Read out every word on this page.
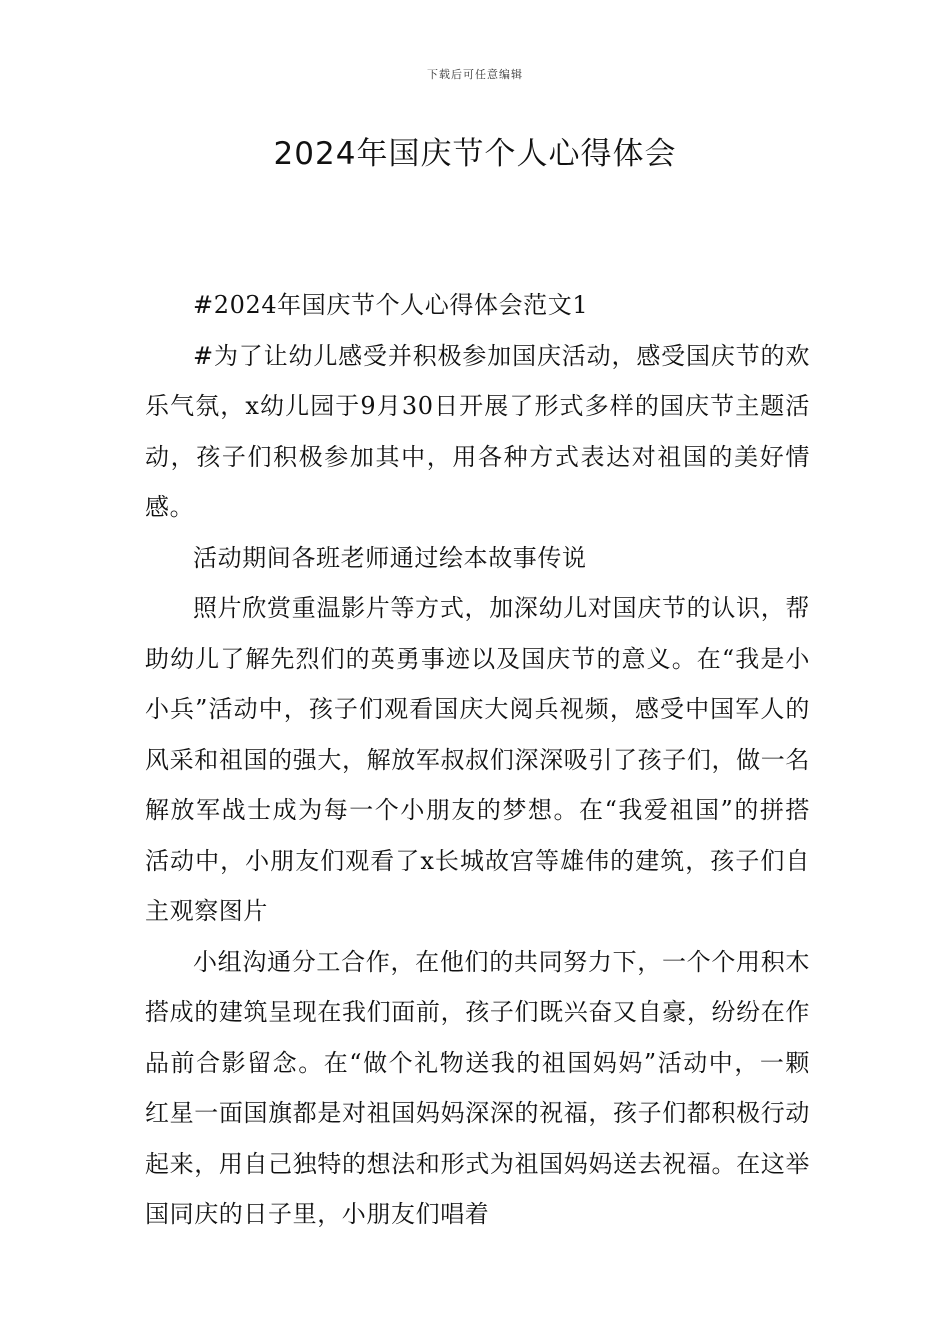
下载后可任意编辑
2024年国庆节个人心得体会

#2024年国庆节个人心得体会范文1

#为了让幼儿感受并积极参加国庆活动，感受国庆节的欢乐气氛，x幼儿园于9月30日开展了形式多样的国庆节主题活动，孩子们积极参加其中，用各种方式表达对祖国的美好情感。

活动期间各班老师通过绘本故事传说

照片欣赏重温影片等方式，加深幼儿对国庆节的认识，帮助幼儿了解先烈们的英勇事迹以及国庆节的意义。在“我是小小兵”活动中，孩子们观看国庆大阅兵视频，感受中国军人的风采和祖国的强大，解放军叔叔们深深吸引了孩子们，做一名解放军战士成为每一个小朋友的梦想。在“我爱祖国”的拼搭活动中，小朋友们观看了x长城故宫等雄伟的建筑，孩子们自主观察图片

小组沟通分工合作，在他们的共同努力下，一个个用积木搭成的建筑呈现在我们面前，孩子们既兴奋又自豪，纷纷在作品前合影留念。在“做个礼物送我的祖国妈妈”活动中，一颗红星一面国旗都是对祖国妈妈深深的祝福，孩子们都积极行动起来，用自己独特的想法和形式为祖国妈妈送去祝福。在这举国同庆的日子里，小朋友们唱着
